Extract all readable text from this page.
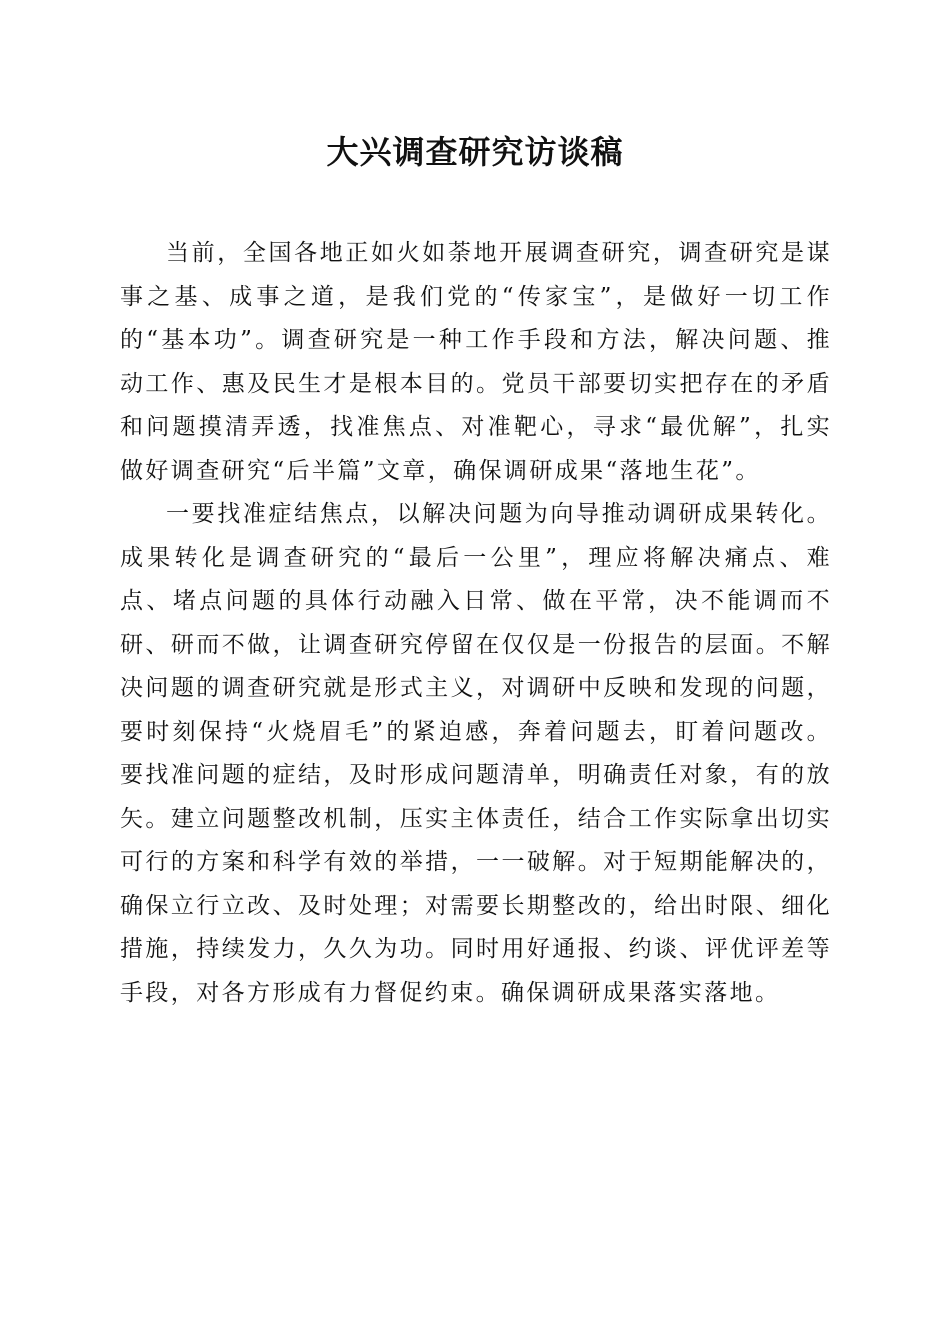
大兴调查研究访谈稿

当前，全国各地正如火如荼地开展调查研究，调查研究是谋事之基、成事之道，是我们党的“传家宝”，是做好一切工作的“基本功”。调查研究是一种工作手段和方法，解决问题、推动工作、惠及民生才是根本目的。党员干部要切实把存在的矛盾和问题摸清弄透，找准焦点、对准靶心，寻求“最优解”，扎实做好调查研究“后半篇”文章，确保调研成果“落地生花”。

一要找准症结焦点，以解决问题为向导推动调研成果转化。成果转化是调查研究的“最后一公里”，理应将解决痛点、难点、堵点问题的具体行动融入日常、做在平常，决不能调而不研、研而不做，让调查研究停留在仅仅是一份报告的层面。不解决问题的调查研究就是形式主义，对调研中反映和发现的问题，要时刻保持“火烧眉毛”的紧迫感，奔着问题去，盯着问题改。要找准问题的症结，及时形成问题清单，明确责任对象，有的放矢。建立问题整改机制，压实主体责任，结合工作实际拿出切实可行的方案和科学有效的举措，一一破解。对于短期能解决的，确保立行立改、及时处理；对需要长期整改的，给出时限、细化措施，持续发力，久久为功。同时用好通报、约谈、评优评差等手段，对各方形成有力督促约束。确保调研成果落实落地。
